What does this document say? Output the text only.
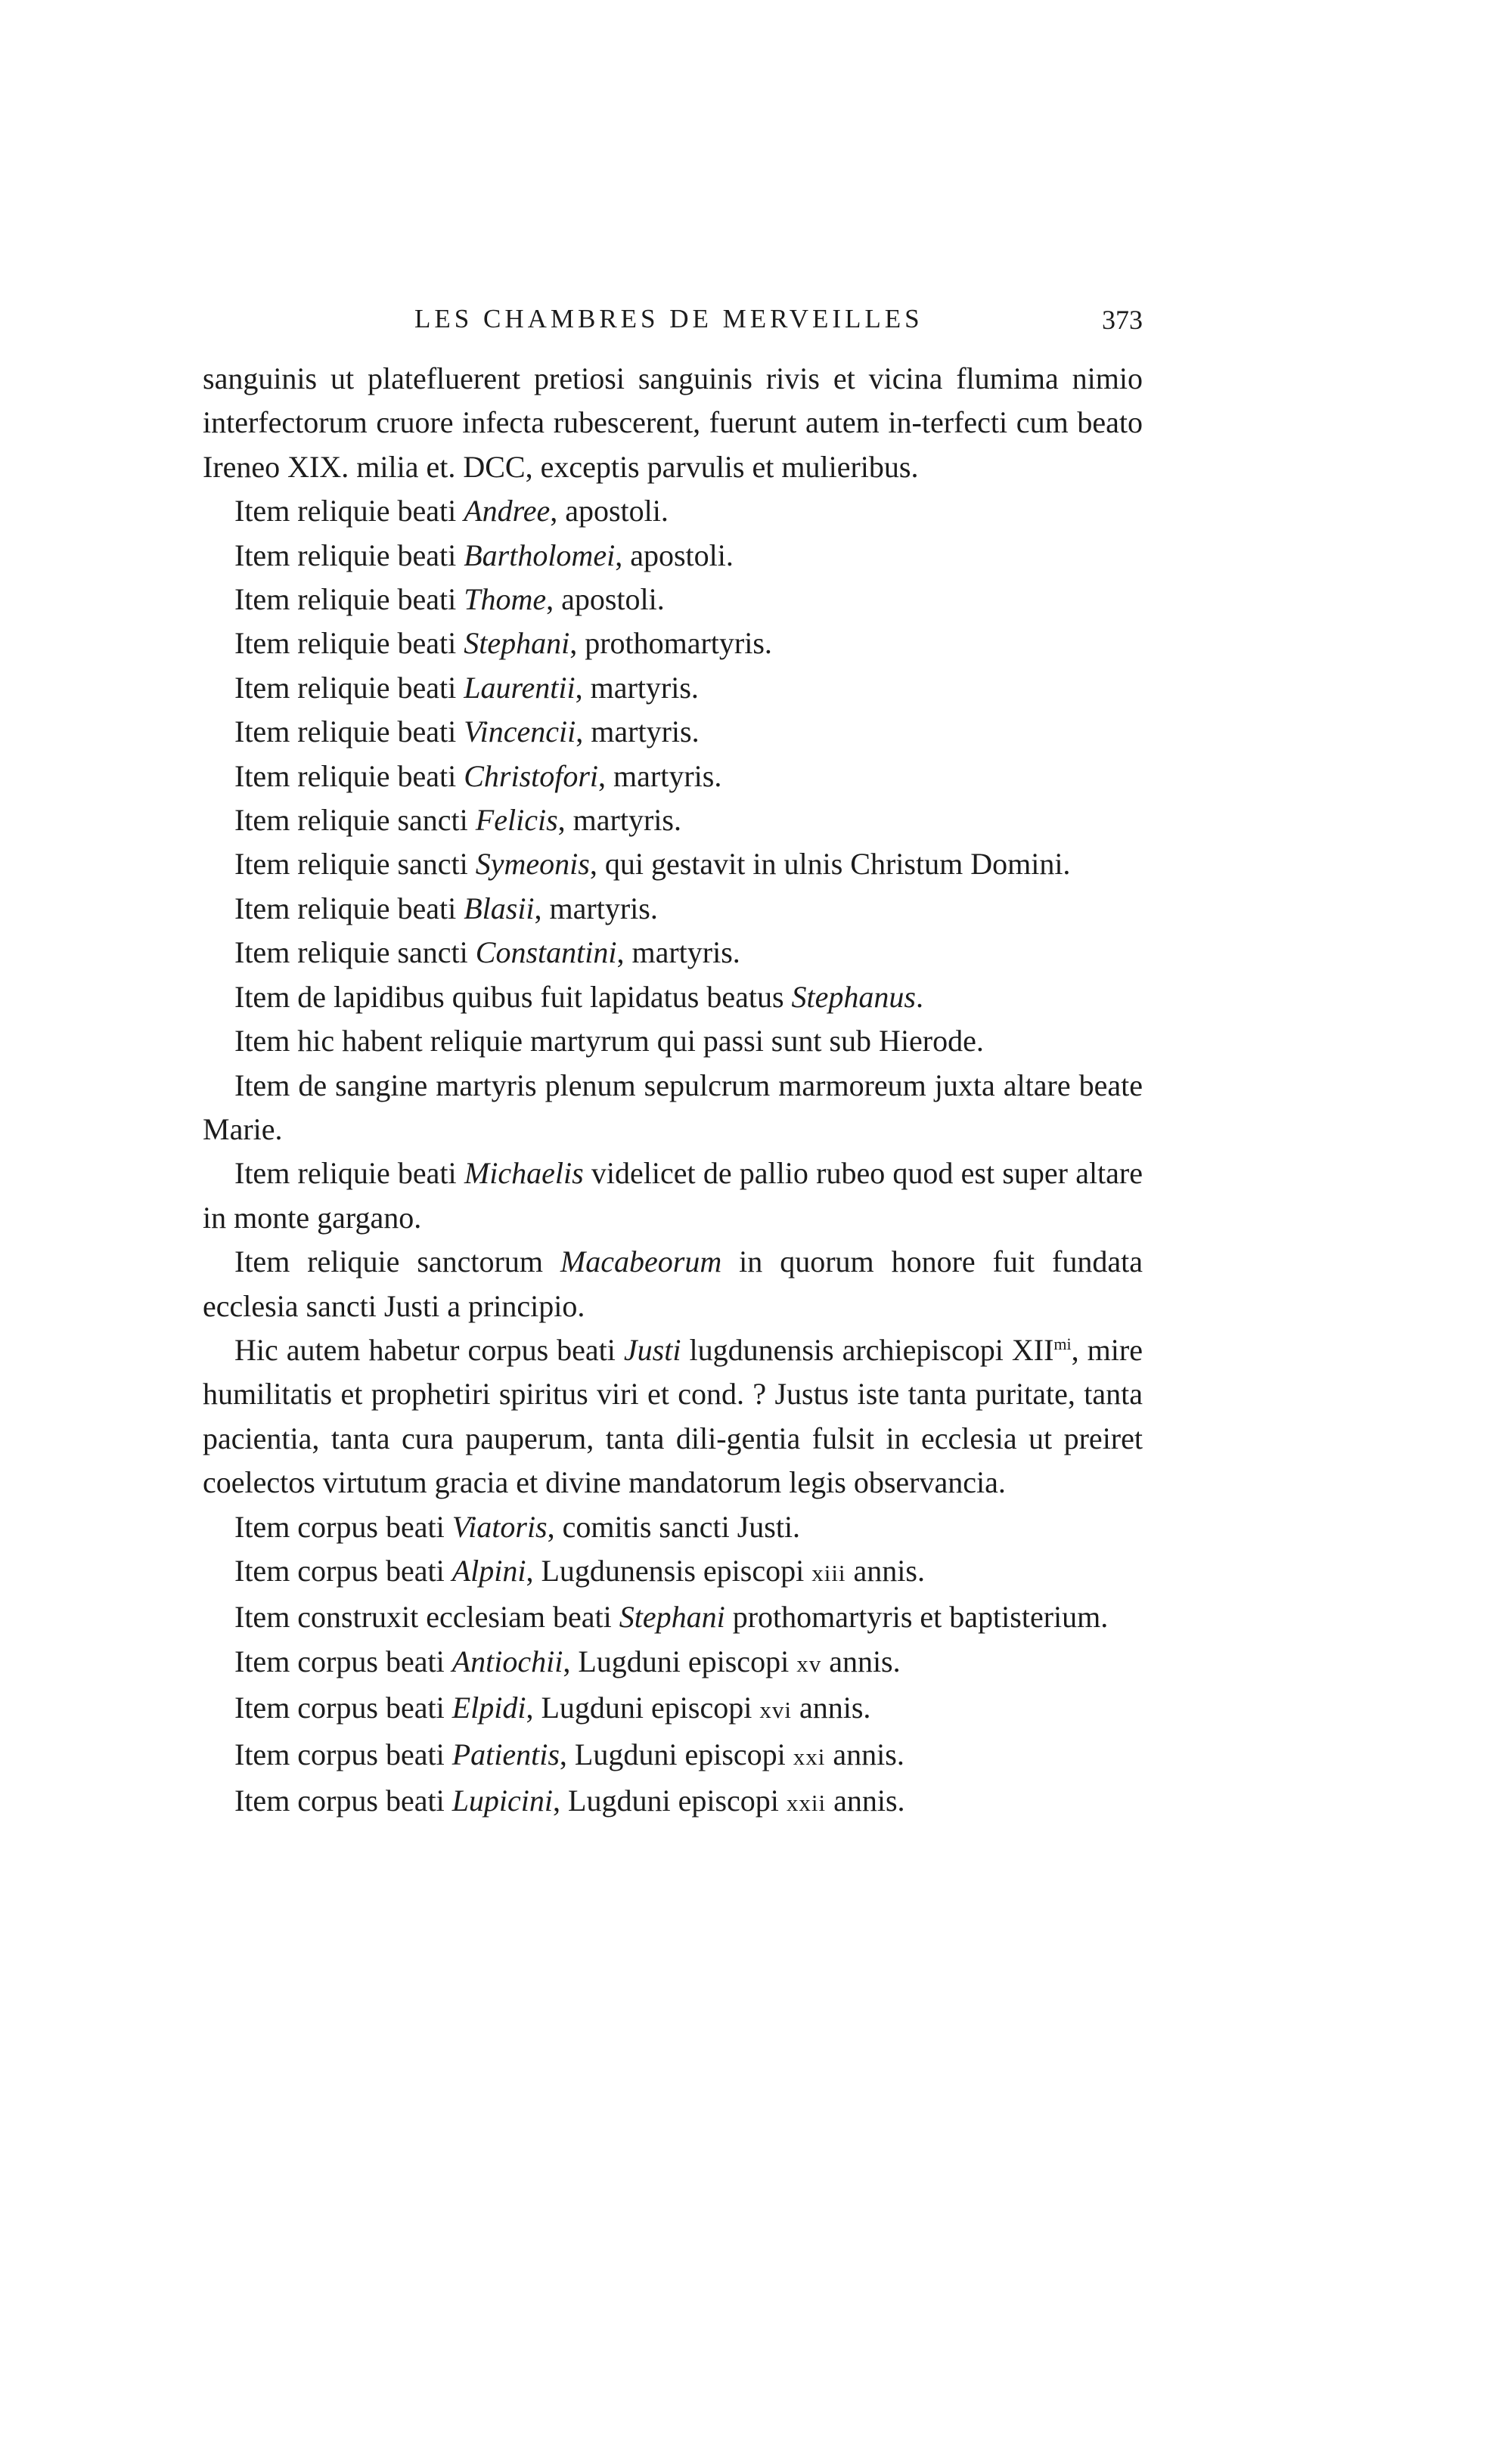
LES CHAMBRES DE MERVEILLES	373

sanguinis ut platefluerent pretiosi sanguinis rivis et vicina flumima nimio interfectorum cruore infecta rubescerent, fuerunt autem in-terfecti cum beato Ireneo XIX. milia et. DCC, exceptis parvulis et mulieribus.

Item reliquie beati Andree, apostoli.

Item reliquie beati Bartholomei, apostoli.

Item reliquie beati Thome, apostoli.

Item reliquie beati Stephani, prothomartyris.

Item reliquie beati Laurentii, martyris.

Item reliquie beati Vincencii, martyris.

Item reliquie beati Christofori, martyris.

Item reliquie sancti Felicis, martyris.

Item reliquie sancti Symeonis, qui gestavit in ulnis Christum Domini.

Item reliquie beati Blasii, martyris.

Item reliquie sancti Constantini, martyris.

Item de lapidibus quibus fuit lapidatus beatus Stephanus.

Item hic habent reliquie martyrum qui passi sunt sub Hierode.

Item de sangine martyris plenum sepulcrum marmoreum juxta altare beate Marie.

Item reliquie beati Michaelis videlicet de pallio rubeo quod est super altare in monte gargano.

Item reliquie sanctorum Macabeorum in quorum honore fuit fundata ecclesia sancti Justi a principio.

Hic autem habetur corpus beati Justi lugdunensis archiepiscopi $XII^{mi}$, mire humilitatis et prophetiri spiritus viri et cond. ? Justus iste tanta puritate, tanta pacientia, tanta cura pauperum, tanta dili-gentia fulsit in ecclesia ut preiret coelectos virtutum gracia et divine mandatorum legis observancia.

Item corpus beati Viatoris, comitis sancti Justi.

Item corpus beati Alpini, Lugdunensis episcopi xiii annis.

Item construxit ecclesiam beati Stephani prothomartyris et baptisterium.

Item corpus beati Antiochii, Lugduni episcopi xv annis.

Item corpus beati Elpidi, Lugduni episcopi xvi annis.

Item corpus beati Patientis, Lugduni episcopi xxi annis.

Item corpus beati Lupicini, Lugduni episcopi xxii annis.
